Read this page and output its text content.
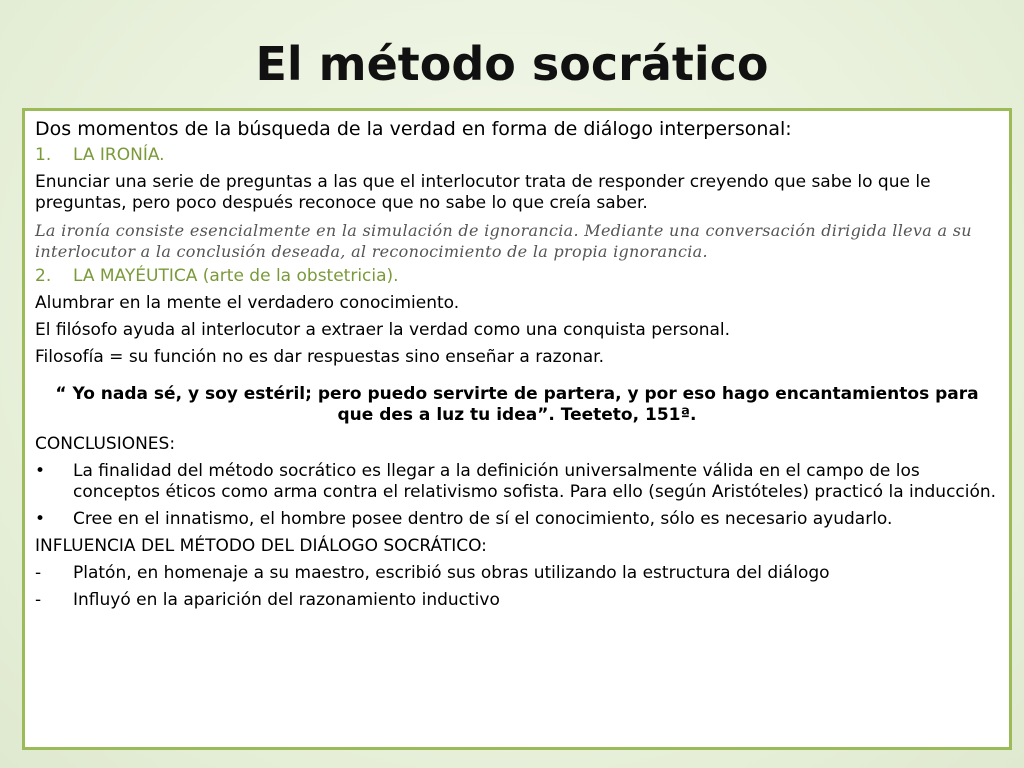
El método socrático

Dos momentos de la búsqueda de la verdad en forma de diálogo interpersonal:

1.	LA IRONÍA.

Enunciar una serie de preguntas a las que el interlocutor trata de responder creyendo que sabe lo que le preguntas, pero poco después reconoce que no sabe lo que creía saber.

La ironía consiste esencialmente en la simulación de ignorancia. Mediante una conversación dirigida lleva a su interlocutor a la conclusión deseada, al reconocimiento de la propia ignorancia.

2.	LA MAYÉUTICA (arte de la obstetricia).

Alumbrar en la mente el verdadero conocimiento.

El filósofo ayuda al interlocutor a extraer la verdad como una conquista personal.

Filosofía = su función no es dar respuestas sino enseñar a razonar.

“ Yo nada sé, y soy estéril; pero puedo servirte de partera, y por eso hago encantamientos para que des a luz tu idea”. Teeteto, 151ª.

CONCLUSIONES:

•	La finalidad del método socrático es llegar a la definición universalmente válida en el campo de los conceptos éticos como arma contra el relativismo sofista. Para ello (según Aristóteles) practicó la inducción.
•	Cree en el innatismo, el hombre posee dentro de sí el conocimiento, sólo es necesario ayudarlo.

INFLUENCIA DEL MÉTODO DEL DIÁLOGO SOCRÁTICO:

-	Platón, en homenaje a su maestro, escribió sus obras utilizando la estructura del diálogo
-	Influyó en la aparición del razonamiento inductivo
